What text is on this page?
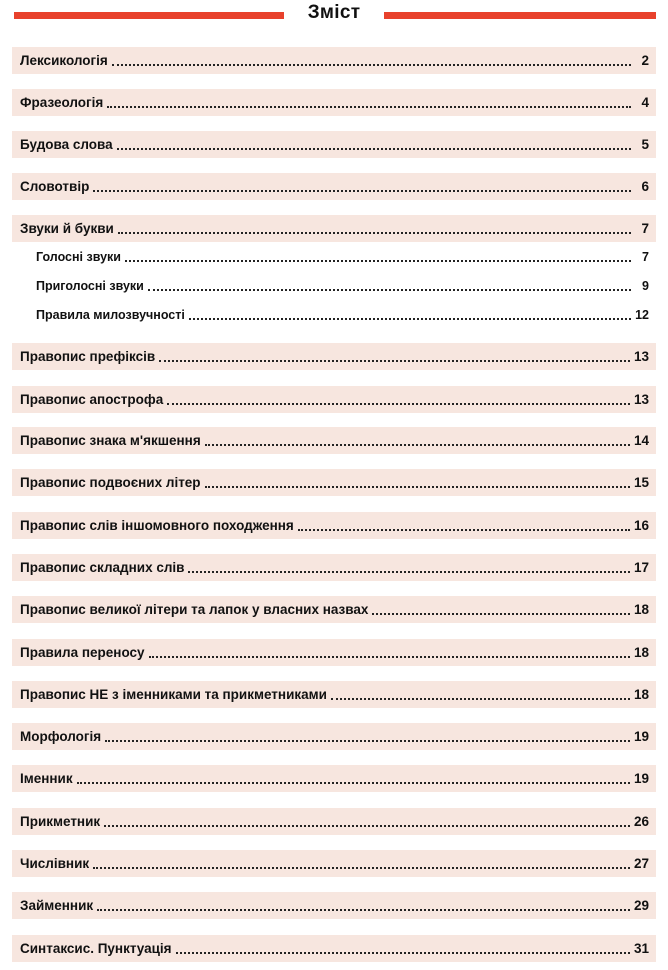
Зміст
Лексикологія	2
Фразеологія	4
Будова слова	5
Словотвір	6
Звуки й букви	7
Голосні звуки	7
Приголосні звуки	9
Правила милозвучності	12
Правопис префіксів	13
Правопис апострофа	13
Правопис знака м'якшення	14
Правопис подвоєних літер	15
Правопис слів іншомовного походження	16
Правопис складних слів	17
Правопис великої літери та лапок у власних назвах	18
Правила переносу	18
Правопис НЕ з іменниками та прикметниками	18
Морфологія	19
Іменник	19
Прикметник	26
Числівник	27
Займенник	29
Синтаксис. Пунктуація	31
